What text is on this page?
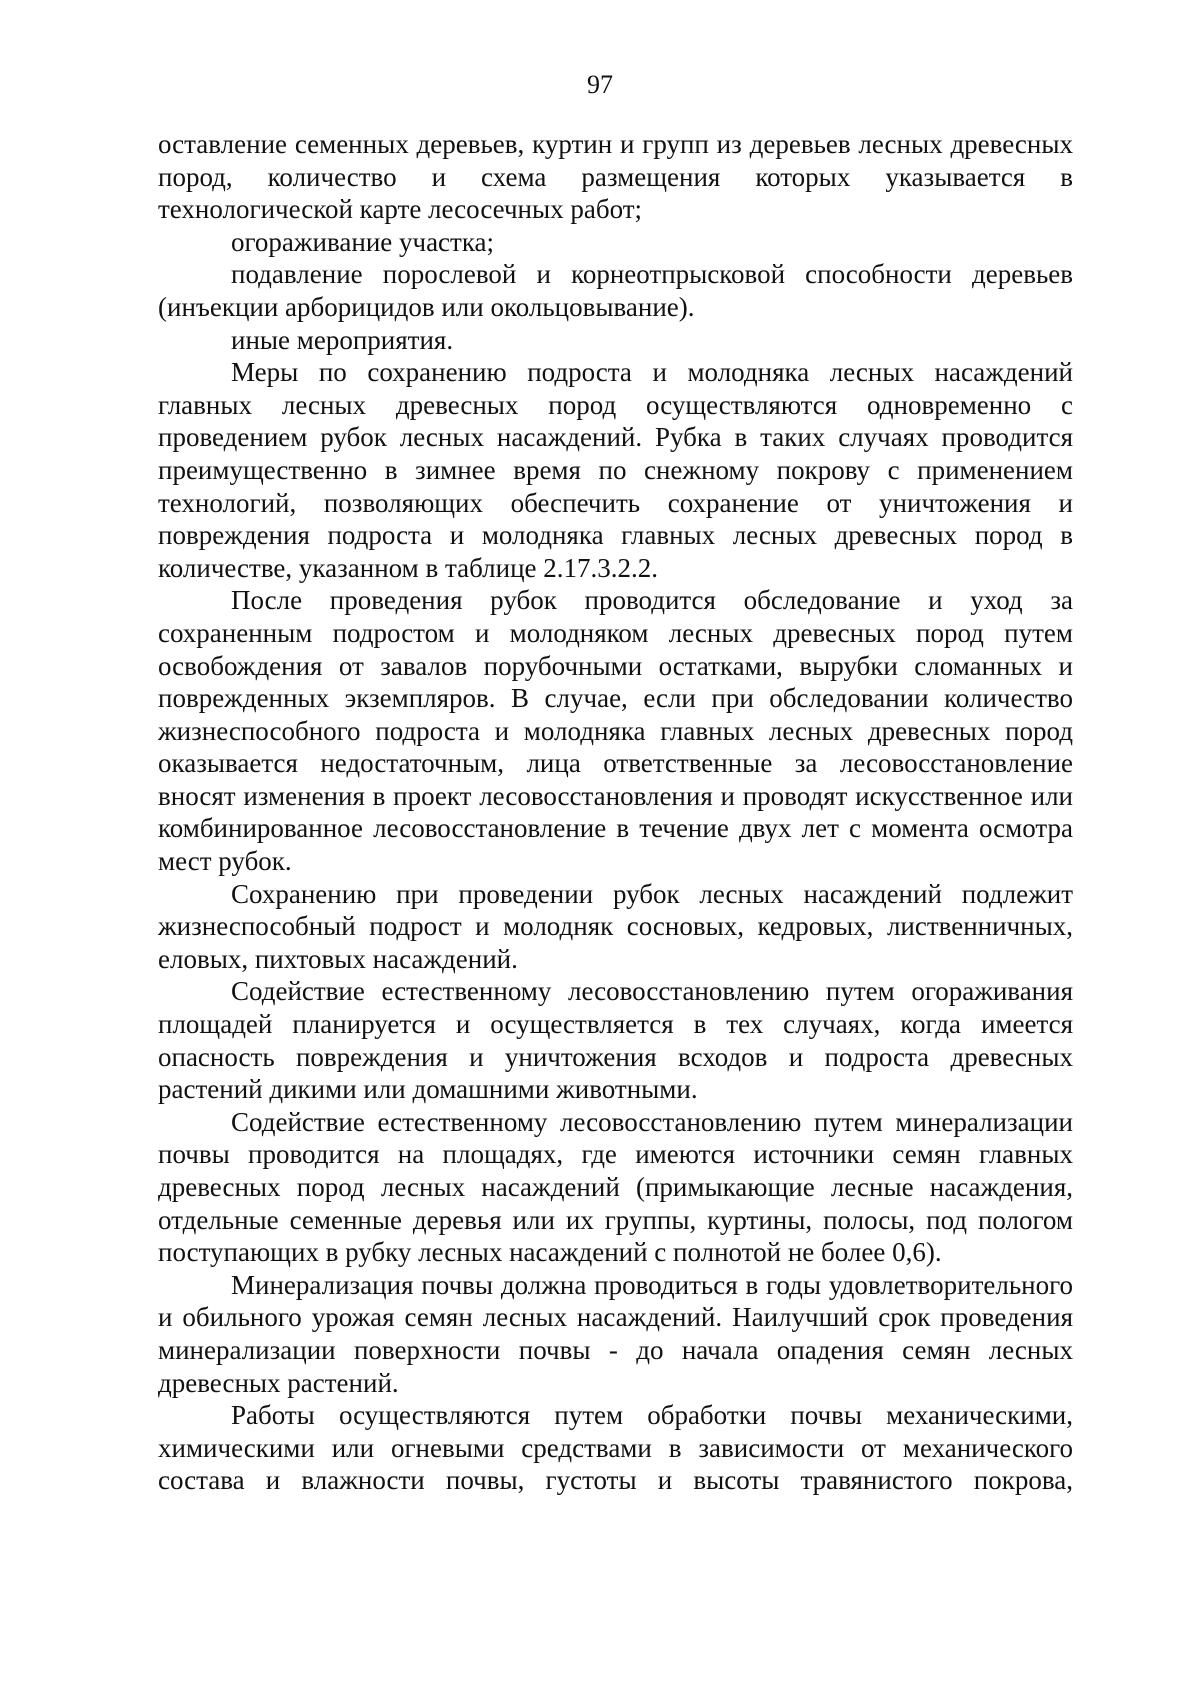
97

оставление семенных деревьев, куртин и групп из деревьев лесных древесных пород, количество и схема размещения которых указывается в технологической карте лесосечных работ;

огораживание участка;

подавление порослевой и корнеотпрысковой способности деревьев (инъекции арборицидов или окольцовывание).

иные мероприятия.

Меры по сохранению подроста и молодняка лесных насаждений главных лесных древесных пород осуществляются одновременно с проведением рубок лесных насаждений. Рубка в таких случаях проводится преимущественно в зимнее время по снежному покрову с применением технологий, позволяющих обеспечить сохранение от уничтожения и повреждения подроста и молодняка главных лесных древесных пород в количестве, указанном в таблице 2.17.3.2.2.

После проведения рубок проводится обследование и уход за сохраненным подростом и молодняком лесных древесных пород путем освобождения от завалов порубочными остатками, вырубки сломанных и поврежденных экземпляров. В случае, если при обследовании количество жизнеспособного подроста и молодняка главных лесных древесных пород оказывается недостаточным, лица ответственные за лесовосстановление вносят изменения в проект лесовосстановления и проводят искусственное или комбинированное лесовосстановление в течение двух лет с момента осмотра мест рубок.

Сохранению при проведении рубок лесных насаждений подлежит жизнеспособный подрост и молодняк сосновых, кедровых, лиственничных, еловых, пихтовых насаждений.

Содействие естественному лесовосстановлению путем огораживания площадей планируется и осуществляется в тех случаях, когда имеется опасность повреждения и уничтожения всходов и подроста древесных растений дикими или домашними животными.

Содействие естественному лесовосстановлению путем минерализации почвы проводится на площадях, где имеются источники семян главных древесных пород лесных насаждений (примыкающие лесные насаждения, отдельные семенные деревья или их группы, куртины, полосы, под пологом поступающих в рубку лесных насаждений с полнотой не более 0,6).

Минерализация почвы должна проводиться в годы удовлетворительного и обильного урожая семян лесных насаждений. Наилучший срок проведения минерализации поверхности почвы - до начала опадения семян лесных древесных растений.

Работы осуществляются путем обработки почвы механическими, химическими или огневыми средствами в зависимости от механического состава и влажности почвы, густоты и высоты травянистого покрова,
